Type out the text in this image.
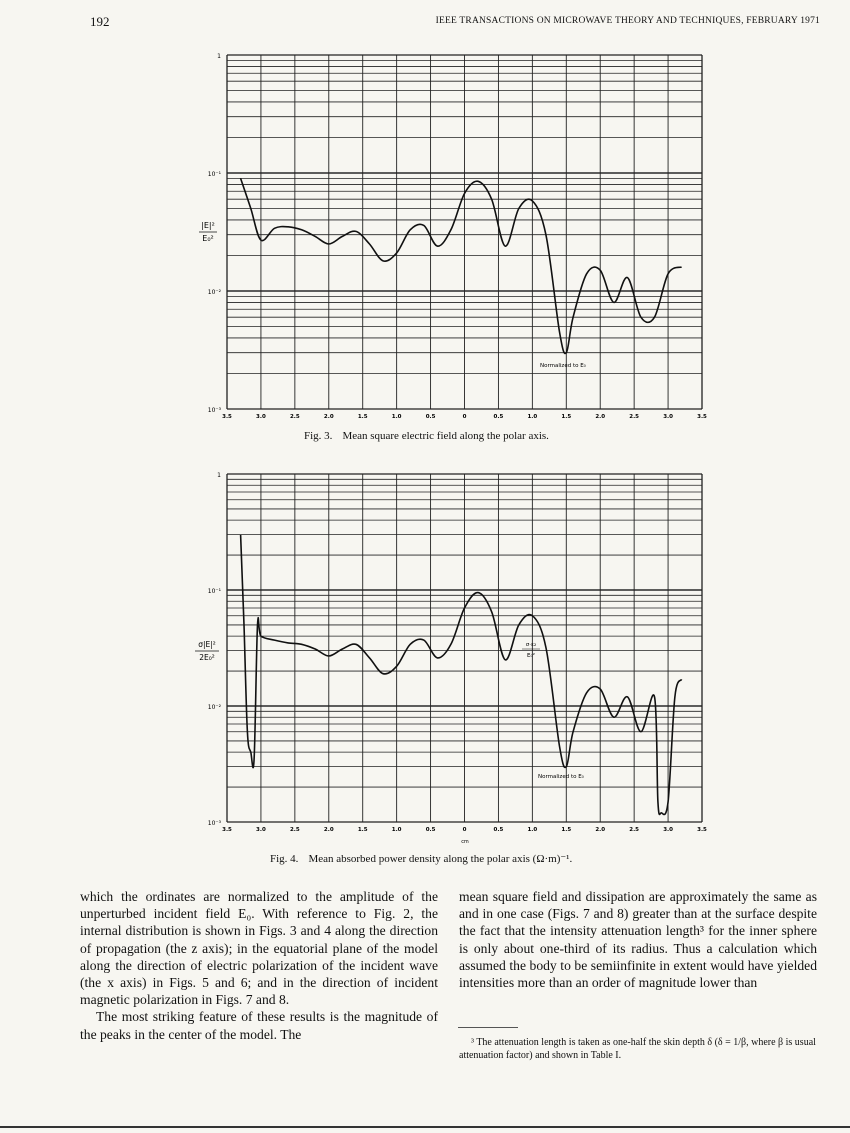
192	IEEE TRANSACTIONS ON MICROWAVE THEORY AND TECHNIQUES, FEBRUARY 1971
1
10⁻¹
10⁻²
10⁻³
3.5	3.0	2.5	2.0	1.5	1.0	0.5	0	0.5	1.0	1.5	2.0	2.5	3.0	3.5
|E|²
E₀²
Normalized to E₀
Fig. 3. Mean square electric field along the polar axis.
1
10⁻¹
10⁻²
10⁻³
3.5	3.0	2.5	2.0	1.5	1.0	0.5	0	0.5	1.0	1.5	2.0	2.5	3.0	3.5
σ|E|²
2E₀²
σ·ε₂
E₀²
Normalized to E₀
cm
Fig. 4. Mean absorbed power density along the polar axis (Ω·m)⁻¹.

which the ordinates are normalized to the amplitude of the unperturbed incident field E₀. With reference to Fig. 2, the internal distribution is shown in Figs. 3 and 4 along the direction of propagation (the z axis); in the equatorial plane of the model along the direction of electric polarization of the incident wave (the x axis) in Figs. 5 and 6; and in the direction of incident magnetic polarization in Figs. 7 and 8.

The most striking feature of these results is the magnitude of the peaks in the center of the model. The

mean square field and dissipation are approximately the same as and in one case (Figs. 7 and 8) greater than at the surface despite the fact that the intensity attenuation length³ for the inner sphere is only about one-third of its radius. Thus a calculation which assumed the body to be semiinfinite in extent would have yielded intensities more than an order of magnitude lower than

³ The attenuation length is taken as one-half the skin depth δ (δ = 1/β, where β is usual attenuation factor) and shown in Table I.
